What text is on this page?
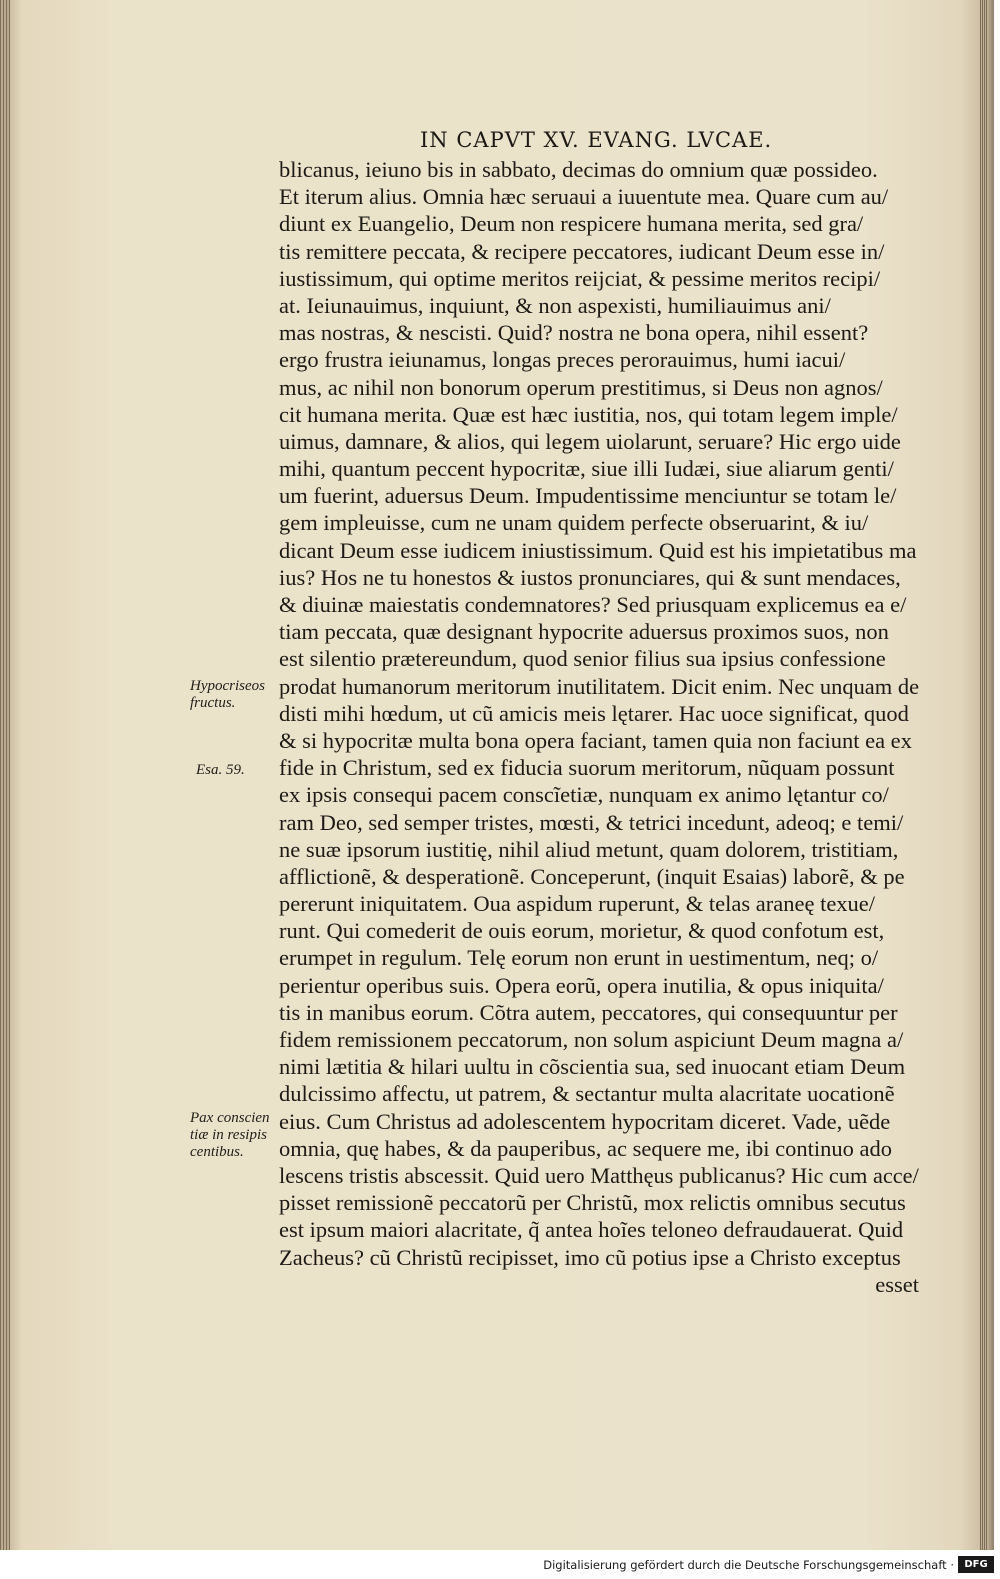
IN CAPVT XV. EVANG. LVCAE.
blicanus, ieiuno bis in sabbato, decimas do omnium quæ possideo.
Et iterum alius. Omnia hæc seruaui a iuuentute mea. Quare cum au/
diunt ex Euangelio, Deum non respicere humana merita, sed gra/
tis remittere peccata, & recipere peccatores, iudicant Deum esse in/
iustissimum, qui optime meritos reijciat, & pessime meritos recipi/
at. Ieiunauimus, inquiunt, & non aspexisti, humiliauimus ani/
mas nostras, & nescisti. Quid? nostra ne bona opera, nihil essent?
ergo frustra ieiunamus, longas preces perorauimus, humi iacui/
mus, ac nihil non bonorum operum prestitimus, si Deus non agnos/
cit humana merita. Quæ est hæc iustitia, nos, qui totam legem imple/
uimus, damnare, & alios, qui legem uiolarunt, seruare? Hic ergo uide
mihi, quantum peccent hypocritæ, siue illi Iudæi, siue aliarum genti/
um fuerint, aduersus Deum. Impudentissime menciuntur se totam le/
gem impleuisse, cum ne unam quidem perfecte obseruarint, & iu/
dicant Deum esse iudicem iniustissimum. Quid est his impietatibus ma
ius? Hos ne tu honestos & iustos pronunciares, qui & sunt mendaces,
& diuinæ maiestatis condemnatores? Sed priusquam explicemus ea e/
tiam peccata, quæ designant hypocrite aduersus proximos suos, non
est silentio prætereundum, quod senior filius sua ipsius confessione
prodat humanorum meritorum inutilitatem. Dicit enim. Nec unquam de
disti mihi hœdum, ut cũ amicis meis lętarer. Hac uoce significat, quod
& si hypocritæ multa bona opera faciant, tamen quia non faciunt ea ex
fide in Christum, sed ex fiducia suorum meritorum, nũquam possunt
ex ipsis consequi pacem conscĩetiæ, nunquam ex animo lętantur co/
ram Deo, sed semper tristes, mœsti, & tetrici incedunt, adeoq; e temi/
ne suæ ipsorum iustitię, nihil aliud metunt, quam dolorem, tristitiam,
afflictionẽ, & desperationẽ. Conceperunt, (inquit Esaias) laborẽ, & pe
pererunt iniquitatem. Oua aspidum ruperunt, & telas araneę texue/
runt. Qui comederit de ouis eorum, morietur, & quod confotum est,
erumpet in regulum. Telę eorum non erunt in uestimentum, neq; o/
perientur operibus suis. Opera eorũ, opera inutilia, & opus iniquita/
tis in manibus eorum. Cõtra autem, peccatores, qui consequuntur per
fidem remissionem peccatorum, non solum aspiciunt Deum magna a/
nimi lætitia & hilari uultu in cõscientia sua, sed inuocant etiam Deum
dulcissimo affectu, ut patrem, & sectantur multa alacritate uocationẽ
eius. Cum Christus ad adolescentem hypocritam diceret. Vade, uẽde
omnia, quę habes, & da pauperibus, ac sequere me, ibi continuo ado
lescens tristis abscessit. Quid uero Matthęus publicanus? Hic cum acce/
pisset remissionẽ peccatorũ per Christũ, mox relictis omnibus secutus
est ipsum maiori alacritate, q̃ antea hoĩes teloneo defraudauerat. Quid
Zacheus? cũ Christũ recipisset, imo cũ potius ipse a Christo exceptus
esset
Hypocriseos
fructus.
Esa. 59.
Pax conscien
tiæ in resipis
centibus.
Digitalisierung gefördert durch die Deutsche Forschungsgemeinschaft ·	DFG
